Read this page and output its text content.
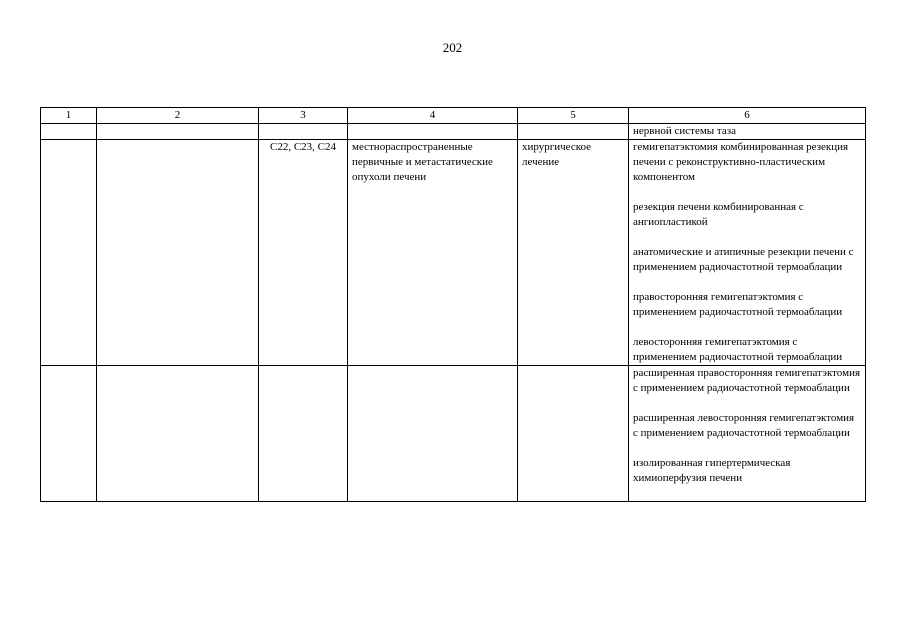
202
1	2	3	4	5	6

					нервной системы таза

		C22, C23, C24	местнораспространенные первичные и метастатические опухоли печени	хирургическое лечение	гемигепатэктомия комбинированная резекция печени с реконструктивно-пластическим компонентом
резекция печени комбинированная с ангиопластикой
анатомические и атипичные резекции печени с применением радиочастотной термоаблации
правосторонняя гемигепатэктомия с применением радиочастотной термоаблации
левосторонняя гемигепатэктомия с применением радиочастотной термоаблации

					расширенная правосторонняя гемигепатэктомия с применением радиочастотной термоаблации
расширенная левосторонняя гемигепатэктомия с применением радиочастотной термоаблации
изолированная гипертермическая химиоперфузия печени
